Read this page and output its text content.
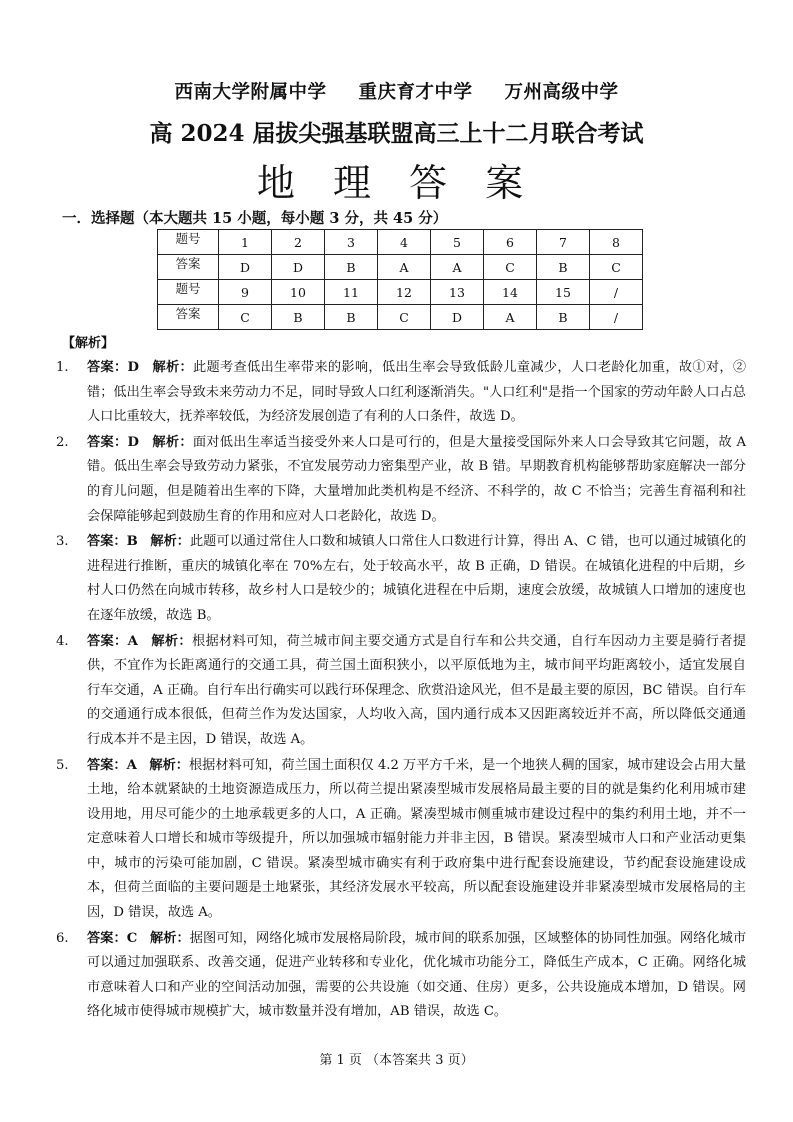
西南大学附属中学 重庆育才中学 万州高级中学
高 2024 届拔尖强基联盟高三上十二月联合考试
地 理 答 案
一．选择题（本大题共 15 小题，每小题 3 分，共 45 分）
题号	1	2	3	4	5	6	7	8
答案	D	D	B	A	A	C	B	C
题号	9	10	11	12	13	14	15	/
答案	C	B	B	C	D	A	B	/
【解析】
1. 答案：D 解析：此题考查低出生率带来的影响，低出生率会导致低龄儿童减少，人口老龄化加重，故①对，②错；低出生率会导致未来劳动力不足，同时导致人口红利逐渐消失。"人口红利"是指一个国家的劳动年龄人口占总人口比重较大，抚养率较低，为经济发展创造了有利的人口条件，故选 D。
2. 答案：D 解析：面对低出生率适当接受外来人口是可行的，但是大量接受国际外来人口会导致其它问题，故 A 错。低出生率会导致劳动力紧张，不宜发展劳动力密集型产业，故 B 错。早期教育机构能够帮助家庭解决一部分的育儿问题，但是随着出生率的下降，大量增加此类机构是不经济、不科学的，故 C 不恰当；完善生育福利和社会保障能够起到鼓励生育的作用和应对人口老龄化，故选 D。
3. 答案：B 解析：此题可以通过常住人口数和城镇人口常住人口数进行计算，得出 A、C 错，也可以通过城镇化的进程进行推断，重庆的城镇化率在 70%左右，处于较高水平，故 B 正确，D 错误。在城镇化进程的中后期，乡村人口仍然在向城市转移，故乡村人口是较少的；城镇化进程在中后期，速度会放缓，故城镇人口增加的速度也在逐年放缓，故选 B。
4. 答案：A 解析：根据材料可知，荷兰城市间主要交通方式是自行车和公共交通，自行车因动力主要是骑行者提供，不宜作为长距离通行的交通工具，荷兰国土面积狭小，以平原低地为主，城市间平均距离较小，适宜发展自行车交通，A 正确。自行车出行确实可以践行环保理念、欣赏沿途风光，但不是最主要的原因，BC 错误。自行车的交通通行成本很低，但荷兰作为发达国家，人均收入高，国内通行成本又因距离较近并不高，所以降低交通通行成本并不是主因，D 错误，故选 A。
5. 答案：A 解析：根据材料可知，荷兰国土面积仅 4.2 万平方千米，是一个地狭人稠的国家，城市建设会占用大量土地，给本就紧缺的土地资源造成压力，所以荷兰提出紧凑型城市发展格局最主要的目的就是集约化利用城市建设用地，用尽可能少的土地承载更多的人口，A 正确。紧凑型城市侧重城市建设过程中的集约利用土地，并不一定意味着人口增长和城市等级提升，所以加强城市辐射能力并非主因，B 错误。紧凑型城市人口和产业活动更集中，城市的污染可能加剧，C 错误。紧凑型城市确实有利于政府集中进行配套设施建设，节约配套设施建设成本，但荷兰面临的主要问题是土地紧张，其经济发展水平较高，所以配套设施建设并非紧凑型城市发展格局的主因，D 错误，故选 A。
6. 答案：C 解析：据图可知，网络化城市发展格局阶段，城市间的联系加强，区域整体的协同性加强。网络化城市可以通过加强联系、改善交通，促进产业转移和专业化，优化城市功能分工，降低生产成本，C 正确。网络化城市意味着人口和产业的空间活动加强，需要的公共设施（如交通、住房）更多，公共设施成本增加，D 错误。网络化城市使得城市规模扩大，城市数量并没有增加，AB 错误，故选 C。
第 1 页 （本答案共 3 页）
